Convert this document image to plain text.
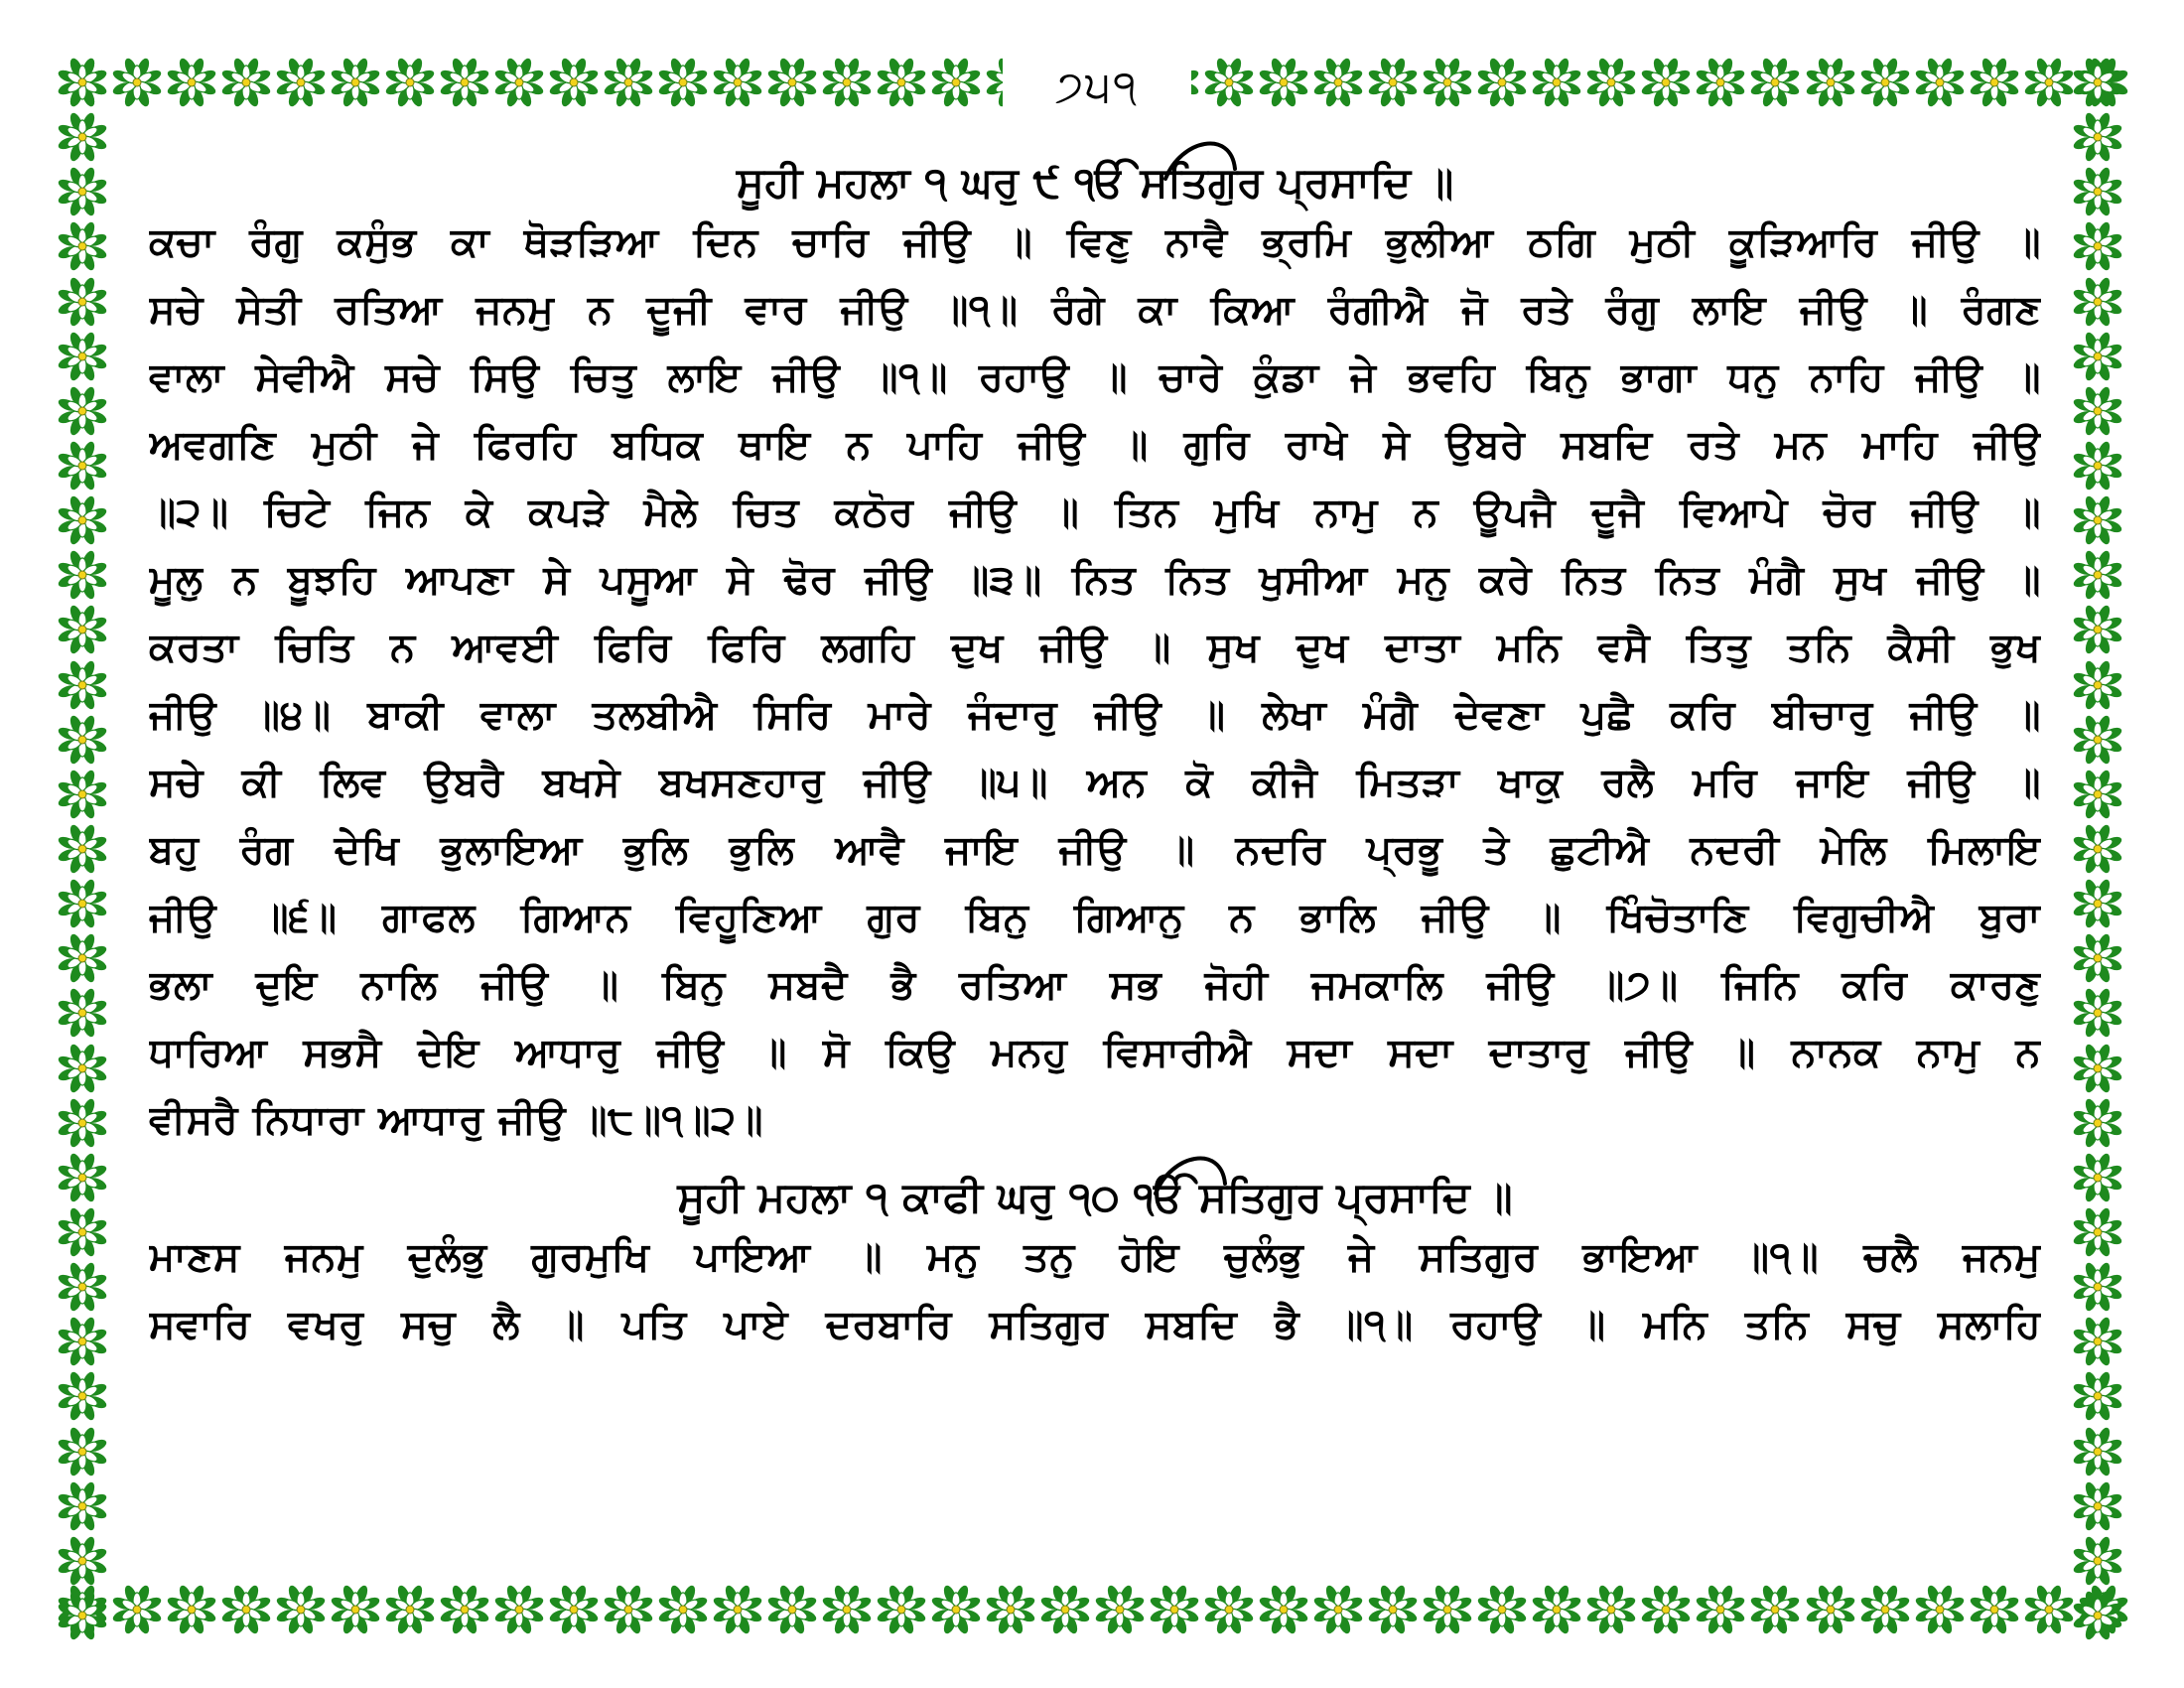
੭੫੧
ਸੂਹੀ ਮਹਲਾ ੧ ਘਰੁ ੯ ੴ ਸਤਿਗੁਰ ਪ੍ਰਸਾਦਿ ॥
ਕਚਾ ਰੰਗੁ ਕਸੁੰਭ ਕਾ ਥੋੜੜਿਆ ਦਿਨ ਚਾਰਿ ਜੀਉ ॥ ਵਿਣੁ ਨਾਵੈ ਭ੍ਰਮਿ ਭੁਲੀਆ ਠਗਿ ਮੁਠੀ ਕੂੜਿਆਰਿ ਜੀਉ ॥
ਸਚੇ ਸੇਤੀ ਰਤਿਆ ਜਨਮੁ ਨ ਦੂਜੀ ਵਾਰ ਜੀਉ ॥੧॥ ਰੰਗੇ ਕਾ ਕਿਆ ਰੰਗੀਐ ਜੋ ਰਤੇ ਰੰਗੁ ਲਾਇ ਜੀਉ ॥ ਰੰਗਣ
ਵਾਲਾ ਸੇਵੀਐ ਸਚੇ ਸਿਉ ਚਿਤੁ ਲਾਇ ਜੀਉ ॥੧॥ ਰਹਾਉ ॥ ਚਾਰੇ ਕੁੰਡਾ ਜੇ ਭਵਹਿ ਬਿਨੁ ਭਾਗਾ ਧਨੁ ਨਾਹਿ ਜੀਉ ॥
ਅਵਗਣਿ ਮੁਠੀ ਜੇ ਫਿਰਹਿ ਬਧਿਕ ਥਾਇ ਨ ਪਾਹਿ ਜੀਉ ॥ ਗੁਰਿ ਰਾਖੇ ਸੇ ਉਬਰੇ ਸਬਦਿ ਰਤੇ ਮਨ ਮਾਹਿ ਜੀਉ
॥੨॥ ਚਿਟੇ ਜਿਨ ਕੇ ਕਪੜੇ ਮੈਲੇ ਚਿਤ ਕਠੋਰ ਜੀਉ ॥ ਤਿਨ ਮੁਖਿ ਨਾਮੁ ਨ ਊਪਜੈ ਦੂਜੈ ਵਿਆਪੇ ਚੋਰ ਜੀਉ ॥
ਮੂਲੁ ਨ ਬੂਝਹਿ ਆਪਣਾ ਸੇ ਪਸੂਆ ਸੇ ਢੋਰ ਜੀਉ ॥੩॥ ਨਿਤ ਨਿਤ ਖੁਸੀਆ ਮਨੁ ਕਰੇ ਨਿਤ ਨਿਤ ਮੰਗੈ ਸੁਖ ਜੀਉ ॥
ਕਰਤਾ ਚਿਤਿ ਨ ਆਵਈ ਫਿਰਿ ਫਿਰਿ ਲਗਹਿ ਦੁਖ ਜੀਉ ॥ ਸੁਖ ਦੁਖ ਦਾਤਾ ਮਨਿ ਵਸੈ ਤਿਤੁ ਤਨਿ ਕੈਸੀ ਭੁਖ
ਜੀਉ ॥੪॥ ਬਾਕੀ ਵਾਲਾ ਤਲਬੀਐ ਸਿਰਿ ਮਾਰੇ ਜੰਦਾਰੁ ਜੀਉ ॥ ਲੇਖਾ ਮੰਗੈ ਦੇਵਣਾ ਪੁਛੈ ਕਰਿ ਬੀਚਾਰੁ ਜੀਉ ॥
ਸਚੇ ਕੀ ਲਿਵ ਉਬਰੈ ਬਖਸੇ ਬਖਸਣਹਾਰੁ ਜੀਉ ॥੫॥ ਅਨ ਕੋ ਕੀਜੈ ਮਿਤੜਾ ਖਾਕੁ ਰਲੈ ਮਰਿ ਜਾਇ ਜੀਉ ॥
ਬਹੁ ਰੰਗ ਦੇਖਿ ਭੁਲਾਇਆ ਭੁਲਿ ਭੁਲਿ ਆਵੈ ਜਾਇ ਜੀਉ ॥ ਨਦਰਿ ਪ੍ਰਭੂ ਤੇ ਛੁਟੀਐ ਨਦਰੀ ਮੇਲਿ ਮਿਲਾਇ
ਜੀਉ ॥੬॥ ਗਾਫਲ ਗਿਆਨ ਵਿਹੂਣਿਆ ਗੁਰ ਬਿਨੁ ਗਿਆਨੁ ਨ ਭਾਲਿ ਜੀਉ ॥ ਖਿੰਚੋਤਾਣਿ ਵਿਗੁਚੀਐ ਬੁਰਾ
ਭਲਾ ਦੁਇ ਨਾਲਿ ਜੀਉ ॥ ਬਿਨੁ ਸਬਦੈ ਭੈ ਰਤਿਆ ਸਭ ਜੋਹੀ ਜਮਕਾਲਿ ਜੀਉ ॥੭॥ ਜਿਨਿ ਕਰਿ ਕਾਰਣੁ
ਧਾਰਿਆ ਸਭਸੈ ਦੇਇ ਆਧਾਰੁ ਜੀਉ ॥ ਸੋ ਕਿਉ ਮਨਹੁ ਵਿਸਾਰੀਐ ਸਦਾ ਸਦਾ ਦਾਤਾਰੁ ਜੀਉ ॥ ਨਾਨਕ ਨਾਮੁ ਨ
ਵੀਸਰੈ ਨਿਧਾਰਾ ਆਧਾਰੁ ਜੀਉ ॥੮॥੧॥੨॥
ਸੂਹੀ ਮਹਲਾ ੧ ਕਾਫੀ ਘਰੁ ੧੦ ੴ ਸਤਿਗੁਰ ਪ੍ਰਸਾਦਿ ॥
ਮਾਣਸ ਜਨਮੁ ਦੁਲੰਭੁ ਗੁਰਮੁਖਿ ਪਾਇਆ ॥ ਮਨੁ ਤਨੁ ਹੋਇ ਚੁਲੰਭੁ ਜੇ ਸਤਿਗੁਰ ਭਾਇਆ ॥੧॥ ਚਲੈ ਜਨਮੁ
ਸਵਾਰਿ ਵਖਰੁ ਸਚੁ ਲੈ ॥ ਪਤਿ ਪਾਏ ਦਰਬਾਰਿ ਸਤਿਗੁਰ ਸਬਦਿ ਭੈ ॥੧॥ ਰਹਾਉ ॥ ਮਨਿ ਤਨਿ ਸਚੁ ਸਲਾਹਿ
